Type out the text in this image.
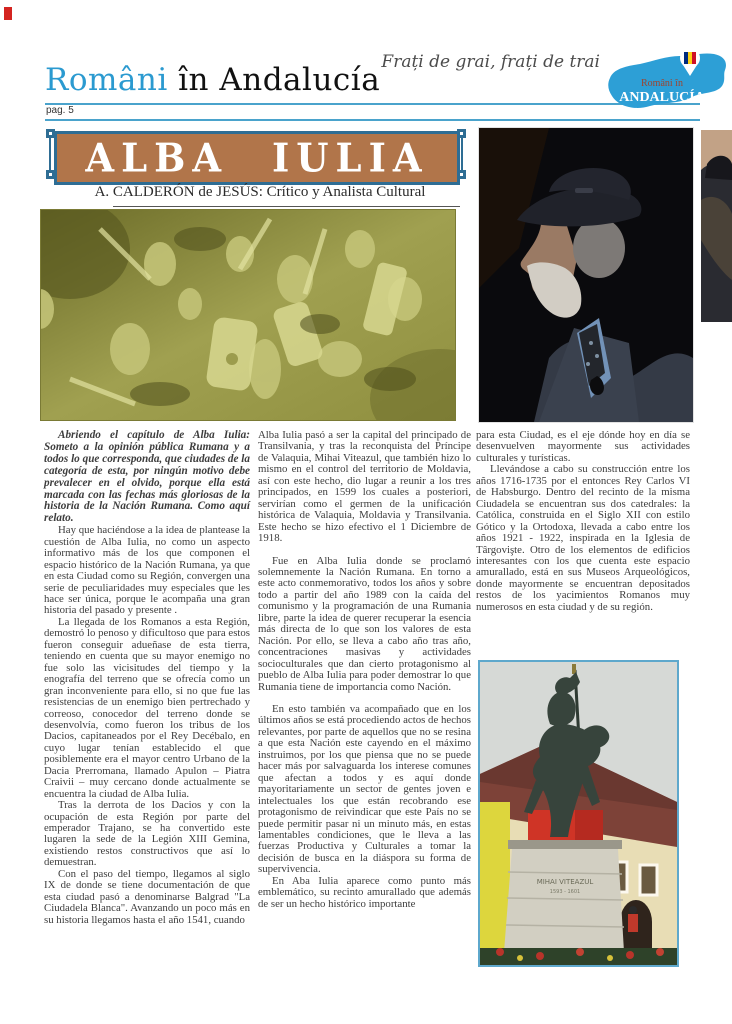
Frați de grai, frați de trai
Români în Andalucía
pag. 5
Români în
ANDALUCÍA
ALBA IULIA
A. CALDERÓN de JESÚS: Crítico y Analista Cultural
MIHAI VITEAZUL
1593 - 1601

Abriendo el capítulo de Alba Iulia: Someto a la opinión pública Rumana y a todos lo que corresponda, que ciudades de la categoría de esta, por ningún motivo debe prevalecer en el olvido, porque ella está marcada con las fechas más gloriosas de la historia de la Nación Rumana. Como aquí relato.

Hay que haciéndose a la idea de plantease la cuestión de Alba Iulia, no como un aspecto informativo más de los que componen el espacio histórico de la Nación Rumana, ya que en esta Ciudad como su Región, convergen una serie de peculiaridades muy especiales que les hace ser única, porque le acompaña una gran historia del pasado y presente .

La llegada de los Romanos a esta Región, demostró lo penoso y dificultoso que para estos fueron conseguir adueñase de esta tierra, teniendo en cuenta que su mayor enemigo no fue solo las vicisitudes del tiempo y la enografía del terreno que se ofrecía como un gran inconveniente para ello, si no que fue las resistencias de un enemigo bien pertrechado y correoso, conocedor del terreno donde se desenvolvía, como fueron los tribus de los Dacios, capitaneados por el Rey Decébalo, en cuyo lugar tenían establecido el que posiblemente era el mayor centro Urbano de la Dacia Prerromana, llamado Apulon – Piatra Craivii – muy cercano donde actualmente se encuentra la ciudad de Alba Iulia.

Tras la derrota de los Dacios y con la ocupación de esta Región por parte del emperador Trajano, se ha convertido este lugaren la sede de la Legión XIII Gemina, existiendo restos constructivos que así lo demuestran.

Con el paso del tiempo, llegamos al siglo IX de donde se tiene documentación de que esta ciudad pasó a denominarse Balgrad "La Ciudadela Blanca". Avanzando un poco más en su historia llegamos hasta el año 1541, cuando

Alba Iulia pasó a ser la capital del principado de Transilvania, y tras la reconquista del Príncipe de Valaquia, Mihai Viteazul, que también hizo lo mismo en el control del territorio de Moldavia, así con este hecho, dio lugar a reunir a los tres principados, en 1599 los cuales a posteriori, servirían como el germen de la unificación histórica de Valaquia, Moldavia y Transilvania. Este hecho se hizo efectivo el 1 Diciembre de 1918.

Fue en Alba Iulia donde se proclamó solemnemente la Nación Rumana. En torno a este acto conmemorativo, todos los años y sobre todo a partir del año 1989 con la caída del comunismo y la programación de una Rumania libre, parte la idea de querer recuperar la esencia más directa de lo que son los valores de esta Nación. Por ello, se lleva a cabo año tras año, concentraciones masivas y actividades socioculturales que dan cierto protagonismo al pueblo de Alba Iulia para poder demostrar lo que Rumania tiene de importancia como Nación.

En esto también va acompañado que en los últimos años se está procediendo actos de hechos relevantes, por parte de aquellos que no se resina a que esta Nación este cayendo en el máximo instruimos, por los que piensa que no se puede hacer más por salvaguarda los interese comunes que afectan a todos y es aquí donde mayoritariamente un sector de gentes joven e intelectuales los que están recobrando ese protagonismo de reivindicar que este País no se puede permitir pasar ni un minuto más, en estas lamentables condiciones, que le lleva a las fuerzas Productiva y Culturales a tomar la decisión de busca en la diáspora su forma de supervivencia.

En Aba Iulia aparece como punto más emblemático, su recinto amurallado que además de ser un hecho histórico importante

para esta Ciudad, es el eje dónde hoy en día se desenvuelven mayormente sus actividades culturales y turísticas.

Llevándose a cabo su construcción entre los años 1716-1735 por el entonces Rey Carlos VI de Habsburgo. Dentro del recinto de la misma Ciudadela se encuentran sus dos catedrales: la Católica, construida en el Siglo XII con estilo Gótico y la Ortodoxa, llevada a cabo entre los años 1921 - 1922, inspirada en la Iglesia de Târgovişte. Otro de los elementos de edificios interesantes con los que cuenta este espacio amurallado, está en sus Museos Arqueológicos, donde mayormente se encuentran depositados restos de los yacimientos Romanos muy numerosos en esta ciudad y de su región.
